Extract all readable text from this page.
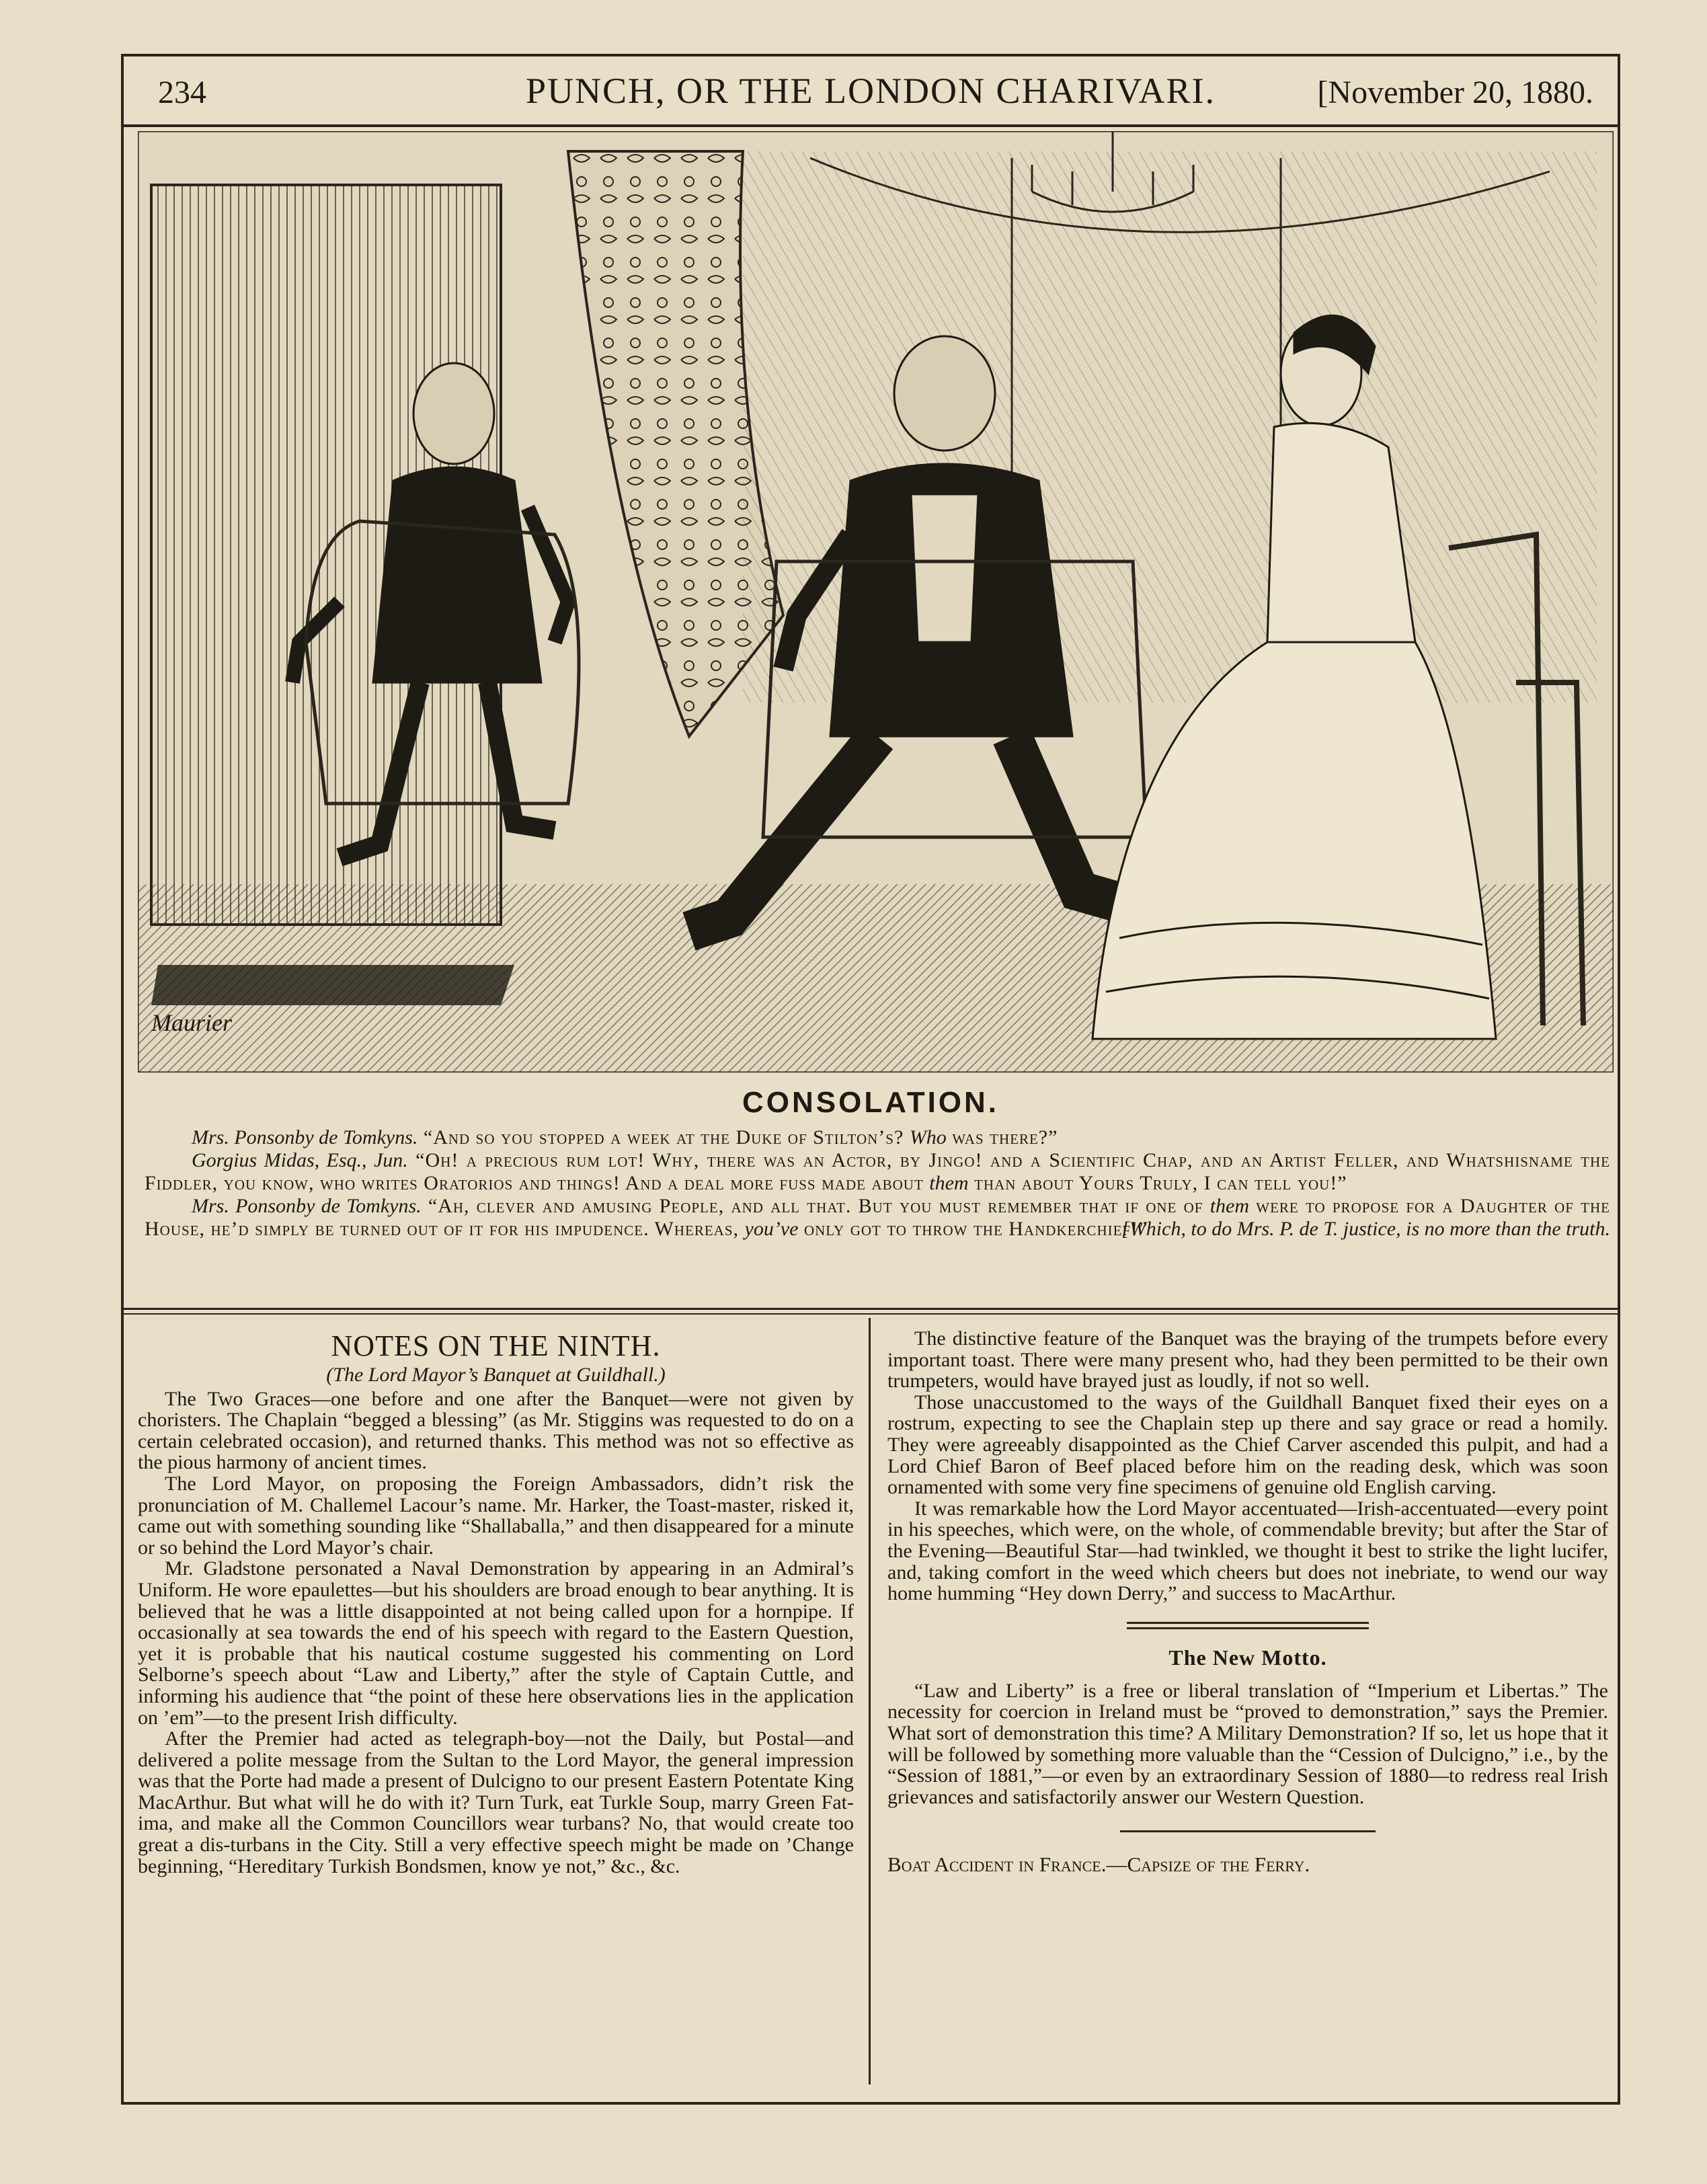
234	PUNCH, OR THE LONDON CHARIVARI.	[November 20, 1880.
Maurier
CONSOLATION.

Mrs. Ponsonby de Tomkyns. “And so you stopped a week at the Duke of Stilton’s? Who was there?”

Gorgius Midas, Esq., Jun. “Oh! a precious rum lot! Why, there was an Actor, by Jingo! and a Scientific Chap, and an Artist Feller, and Whatshisname the Fiddler, you know, who writes Oratorios and things! And a deal more fuss made about them than about Yours Truly, I can tell you!”

Mrs. Ponsonby de Tomkyns. “Ah, clever and amusing People, and all that. But you must remember that if one of them were to propose for a Daughter of the House, he’d simply be turned out of it for his impudence. Whereas, you’ve only got to throw the Handkerchief!”

[Which, to do Mrs. P. de T. justice, is no more than the truth.

NOTES ON THE NINTH.

(The Lord Mayor’s Banquet at Guildhall.)

The Two Graces—one before and one after the Banquet—were not given by choristers. The Chaplain “begged a blessing” (as Mr. Stiggins was requested to do on a certain celebrated occasion), and returned thanks. This method was not so effective as the pious harmony of ancient times.

The Lord Mayor, on proposing the Foreign Ambassadors, didn’t risk the pronunciation of M. Challemel Lacour’s name. Mr. Harker, the Toast-master, risked it, came out with something sounding like “Shallaballa,” and then disappeared for a minute or so behind the Lord Mayor’s chair.

Mr. Gladstone personated a Naval Demonstration by appearing in an Admiral’s Uniform. He wore epaulettes—but his shoulders are broad enough to bear anything. It is believed that he was a little disappointed at not being called upon for a hornpipe. If occasionally at sea towards the end of his speech with regard to the Eastern Question, yet it is probable that his nautical costume suggested his commenting on Lord Selborne’s speech about “Law and Liberty,” after the style of Captain Cuttle, and informing his audience that “the point of these here observations lies in the application on ’em”—to the present Irish difficulty.

After the Premier had acted as telegraph-boy—not the Daily, but Postal—and delivered a polite message from the Sultan to the Lord Mayor, the general impression was that the Porte had made a present of Dulcigno to our present Eastern Potentate King MacArthur. But what will he do with it? Turn Turk, eat Turkle Soup, marry Green Fat-ima, and make all the Common Councillors wear turbans? No, that would create too great a dis-turbans in the City. Still a very effective speech might be made on ’Change beginning, “Hereditary Turkish Bondsmen, know ye not,” &c., &c.

The distinctive feature of the Banquet was the braying of the trumpets before every important toast. There were many present who, had they been permitted to be their own trumpeters, would have brayed just as loudly, if not so well.

Those unaccustomed to the ways of the Guildhall Banquet fixed their eyes on a rostrum, expecting to see the Chaplain step up there and say grace or read a homily. They were agreeably disappointed as the Chief Carver ascended this pulpit, and had a Lord Chief Baron of Beef placed before him on the reading desk, which was soon ornamented with some very fine specimens of genuine old English carving.

It was remarkable how the Lord Mayor accentuated—Irish-accentuated—every point in his speeches, which were, on the whole, of commendable brevity; but after the Star of the Evening—Beautiful Star—had twinkled, we thought it best to strike the light lucifer, and, taking comfort in the weed which cheers but does not inebriate, to wend our way home humming “Hey down Derry,” and success to MacArthur.

The New Motto.

“Law and Liberty” is a free or liberal translation of “Imperium et Libertas.” The necessity for coercion in Ireland must be “proved to demonstration,” says the Premier. What sort of demonstration this time? A Military Demonstration? If so, let us hope that it will be followed by something more valuable than the “Cession of Dulcigno,” i.e., by the “Session of 1881,”—or even by an extraordinary Session of 1880—to redress real Irish grievances and satisfactorily answer our Western Question.

Boat Accident in France.—Capsize of the Ferry.
